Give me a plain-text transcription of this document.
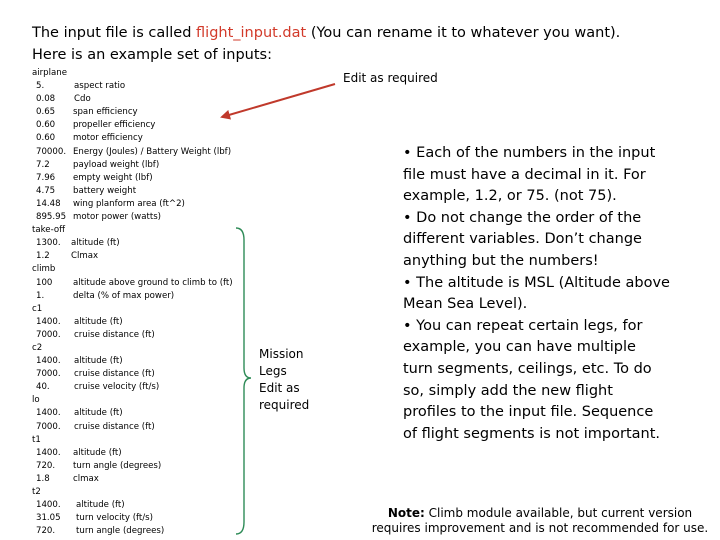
The input file is called flight_input.dat (You can rename it to whatever you want).
Here is an example set of inputs:
airplane
5.	aspect ratio
0.08 Cdo
0.65 span efficiency
0.60 propeller efficiency
0.60 motor efficiency
70000. Energy (Joules) / Battery Weight (lbf)
7.2	payload weight (lbf)
7.96 empty weight (lbf)
4.75 battery weight
14.48 wing planform area (ft^2)
895.95 motor power (watts)
take-off
1300. altitude (ft)
1.2 Clmax
climb
100 altitude above ground to climb to (ft)
1.	delta (% of max power)
c1
1400. altitude (ft)
7000. cruise distance (ft)
c2
1400. altitude (ft)
7000. cruise distance (ft)
40.	cruise velocity (ft/s)
lo
1400. altitude (ft)
7000. cruise distance (ft)
t1
1400. altitude (ft)
720. turn angle (degrees)
1.8	clmax
t2
1400. altitude (ft)
31.05 turn velocity (ft/s)
720. turn angle (degrees)
Edit as required
Mission
Legs
Edit as
required
• Each of the numbers in the input
file must have a decimal in it. For
example, 1.2, or 75. (not 75).
• Do not change the order of the
different variables. Don’t change
anything but the numbers!
• The altitude is MSL (Altitude above
Mean Sea Level).
• You can repeat certain legs, for
example, you can have multiple
turn segments, ceilings, etc. To do
so, simply add the new flight
profiles to the input file. Sequence
of flight segments is not important.
Note: Climb module available, but current version
requires improvement and is not recommended for use.
